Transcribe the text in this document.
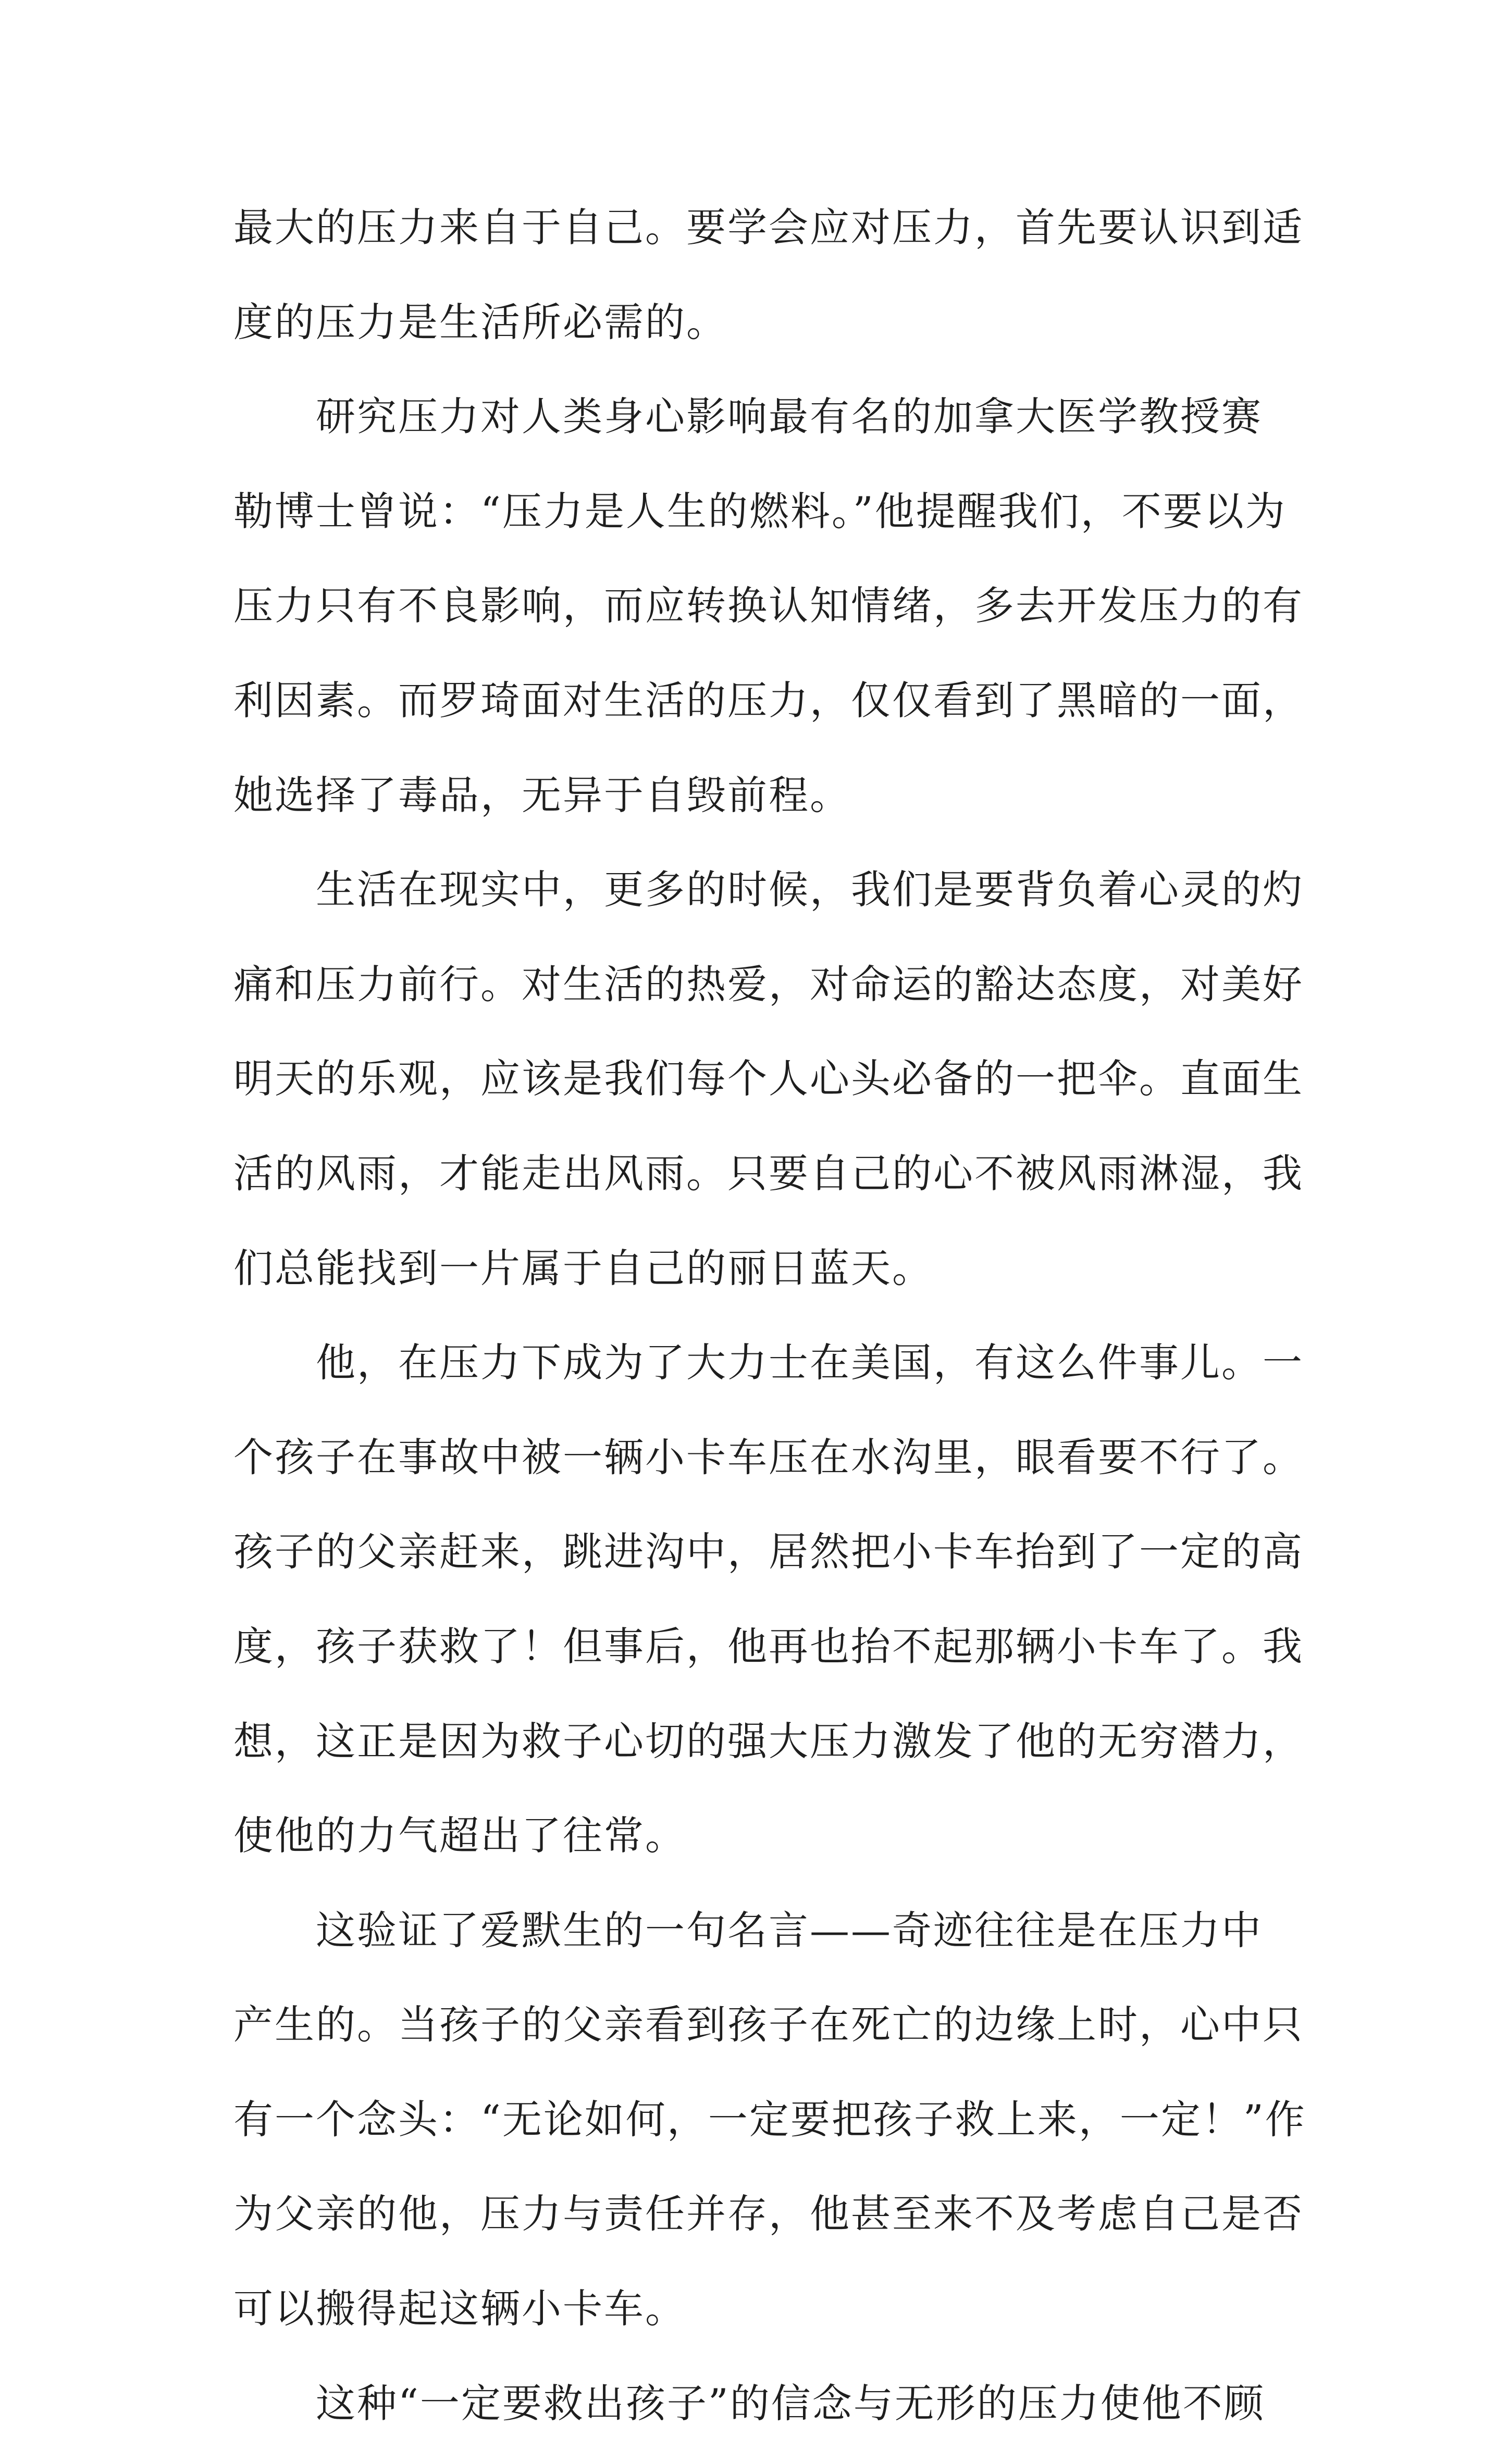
最大的压力来自于自己。要学会应对压力，首先要认识到适
度的压力是生活所必需的。
研究压力对人类身心影响最有名的加拿大医学教授赛
勒博士曾说：“压力是人生的燃料。”他提醒我们，不要以为
压力只有不良影响，而应转换认知情绪，多去开发压力的有
利因素。而罗琦面对生活的压力，仅仅看到了黑暗的一面，
她选择了毒品，无异于自毁前程。
生活在现实中，更多的时候，我们是要背负着心灵的灼
痛和压力前行。对生活的热爱，对命运的豁达态度，对美好
明天的乐观，应该是我们每个人心头必备的一把伞。直面生
活的风雨，才能走出风雨。只要自己的心不被风雨淋湿，我
们总能找到一片属于自己的丽日蓝天。
他，在压力下成为了大力士在美国，有这么件事儿。一
个孩子在事故中被一辆小卡车压在水沟里，眼看要不行了。
孩子的父亲赶来，跳进沟中，居然把小卡车抬到了一定的高
度，孩子获救了！但事后，他再也抬不起那辆小卡车了。我
想，这正是因为救子心切的强大压力激发了他的无穷潜力，
使他的力气超出了往常。
这验证了爱默生的一句名言——奇迹往往是在压力中
产生的。当孩子的父亲看到孩子在死亡的边缘上时，心中只
有一个念头：“无论如何，一定要把孩子救上来，一定！”作
为父亲的他，压力与责任并存，他甚至来不及考虑自己是否
可以搬得起这辆小卡车。
这种“一定要救出孩子”的信念与无形的压力使他不顾
